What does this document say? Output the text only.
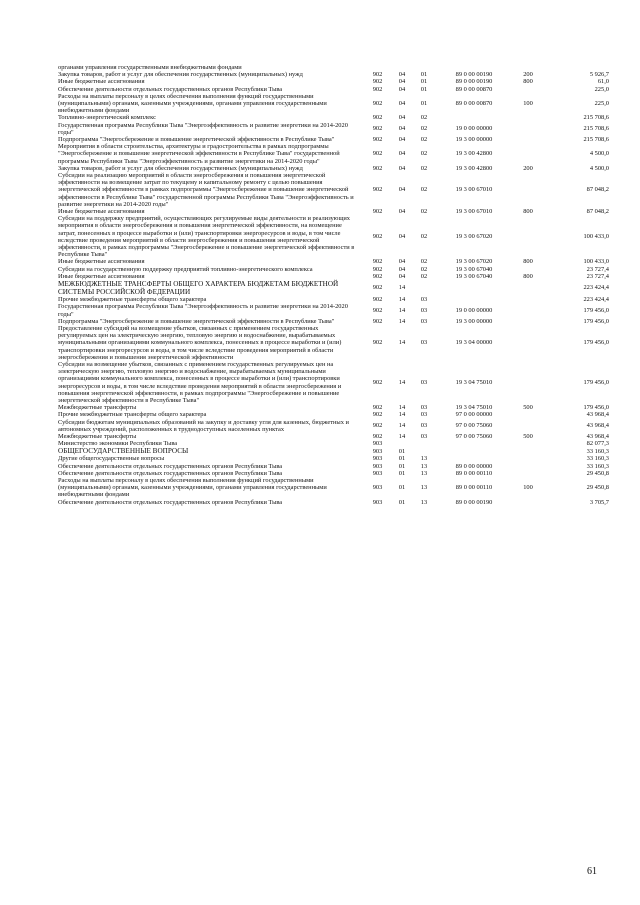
органами управления государственными внебюджетными фондами						
Закупка товаров, работ и услуг для обеспечения государственных (муниципальных) нужд	902	04	01	89 0 00 00190	200	5 926,7
Иные бюджетные ассигнования	902	04	01	89 0 00 00190	800	61,0
Обеспечение деятельности отдельных государственных органов Республики Тыва	902	04	01	89 0 00 00870		225,0
Расходы на выплаты персоналу в целях обеспечения выполнения функций государственными (муниципальными) органами, казенными учреждениями, органами управления государственными внебюджетными фондами	902	04	01	89 0 00 00870	100	225,0
Топливно-энергетический комплекс	902	04	02			215 708,6
Государственная программа Республики Тыва "Энергоэффективность и развитие энергетики на 2014-2020 годы"	902	04	02	19 0 00 00000		215 708,6
Подпрограмма "Энергосбережение и повышение энергетической эффективности в Республике Тыва"	902	04	02	19 3 00 00000		215 708,6
Мероприятия в области строительства, архитектуры и градостроительства в рамках подпрограммы "Энергосбережение и повышение энергетической эффективности в Республике Тыва" государственной программы Республики Тыва "Энергоэффективность и развитие энергетики на 2014-2020 годы"	902	04	02	19 3 00 42800		4 500,0
Закупка товаров, работ и услуг для обеспечения государственных (муниципальных) нужд	902	04	02	19 3 00 42800	200	4 500,0
Субсидии на реализацию мероприятий в области энергосбережения и повышения энергетической эффективности на возмещение затрат по текущему и капитальному ремонту с целью повышения энергетической эффективности в рамках подпрограммы "Энергосбережение и повышение энергетической эффективности в Республике Тыва" государственной программы Республики Тыва "Энергоэффективность и развитие энергетики на 2014-2020 годы"	902	04	02	19 3 00 67010		87 048,2
Иные бюджетные ассигнования	902	04	02	19 3 00 67010	800	87 048,2
Субсидии на поддержку предприятий, осуществляющих регулируемые виды деятельности и реализующих мероприятия в области энергосбережения и повышения энергетической эффективности, на возмещение затрат, понесенных в процессе выработки и (или) транспортировки энергоресурсов и воды, в том числе вследствие проведения мероприятий в области энергосбережения и повышения энергетической эффективности, в рамках подпрограммы "Энергосбережение и повышение энергетической эффективности в Республике Тыва"	902	04	02	19 3 00 67020		100 433,0
Иные бюджетные ассигнования	902	04	02	19 3 00 67020	800	100 433,0
Субсидии на государственную поддержку предприятий топливно-энергетического комплекса	902	04	02	19 3 00 67040		23 727,4
Иные бюджетные ассигнования	902	04	02	19 3 00 67040	800	23 727,4
МЕЖБЮДЖЕТНЫЕ ТРАНСФЕРТЫ ОБЩЕГО ХАРАКТЕРА БЮДЖЕТАМ БЮДЖЕТНОЙ СИСТЕМЫ РОССИЙСКОЙ ФЕДЕРАЦИИ	902	14				223 424,4
Прочие межбюджетные трансферты общего характера	902	14	03			223 424,4
Государственная программа Республики Тыва "Энергоэффективность и развитие энергетики на 2014-2020 годы"	902	14	03	19 0 00 00000		179 456,0
Подпрограмма "Энергосбережение и повышение энергетической эффективности в Республике Тыва"	902	14	03	19 3 00 00000		179 456,0
Предоставление субсидий на возмещение убытков, связанных с применением государственных регулируемых цен на электрическую энергию, тепловую энергию и водоснабжение, вырабатываемых муниципальными организациями коммунального комплекса, понесенных в процессе выработки и (или) транспортировки энергоресурсов и воды, в том числе вследствие проведения мероприятий в области энергосбережения и повышения энергетической эффективности	902	14	03	19 3 04 00000		179 456,0
Субсидии на возмещение убытков, связанных с применением государственных регулируемых цен на электрическую энергию, тепловую энергию и водоснабжение, вырабатываемых муниципальными организациями коммунального комплекса, понесенных в процессе выработки и (или) транспортировки энергоресурсов и воды, в том числе вследствие проведения мероприятий в области энергосбережения и повышения энергетической эффективности, в рамках подпрограммы "Энергосбережение и повышение энергетической эффективности в Республике Тыва"	902	14	03	19 3 04 75010		179 456,0
Межбюджетные трансферты	902	14	03	19 3 04 75010	500	179 456,0
Прочие межбюджетные трансферты общего характера	902	14	03	97 0 00 00000		43 968,4
Субсидии бюджетам муниципальных образований на закупку и доставку угля для казенных, бюджетных и автономных учреждений, расположенных в труднодоступных населенных пунктах	902	14	03	97 0 00 75060		43 968,4
Межбюджетные трансферты	902	14	03	97 0 00 75060	500	43 968,4
Министерство экономики Республики Тыва	903					82 077,3
ОБЩЕГОСУДАРСТВЕННЫЕ ВОПРОСЫ	903	01				33 160,3
Другие общегосударственные вопросы	903	01	13			33 160,3
Обеспечение деятельности отдельных государственных органов Республики Тыва	903	01	13	89 0 00 00000		33 160,3
Обеспечение деятельности отдельных государственных органов Республики Тыва	903	01	13	89 0 00 00110		29 450,8
Расходы на выплаты персоналу в целях обеспечения выполнения функций государственными (муниципальными) органами, казенными учреждениями, органами управления государственными внебюджетными фондами	903	01	13	89 0 00 00110	100	29 450,8
Обеспечение деятельности отдельных государственных органов Республики Тыва	903	01	13	89 0 00 00190		3 705,7
61
